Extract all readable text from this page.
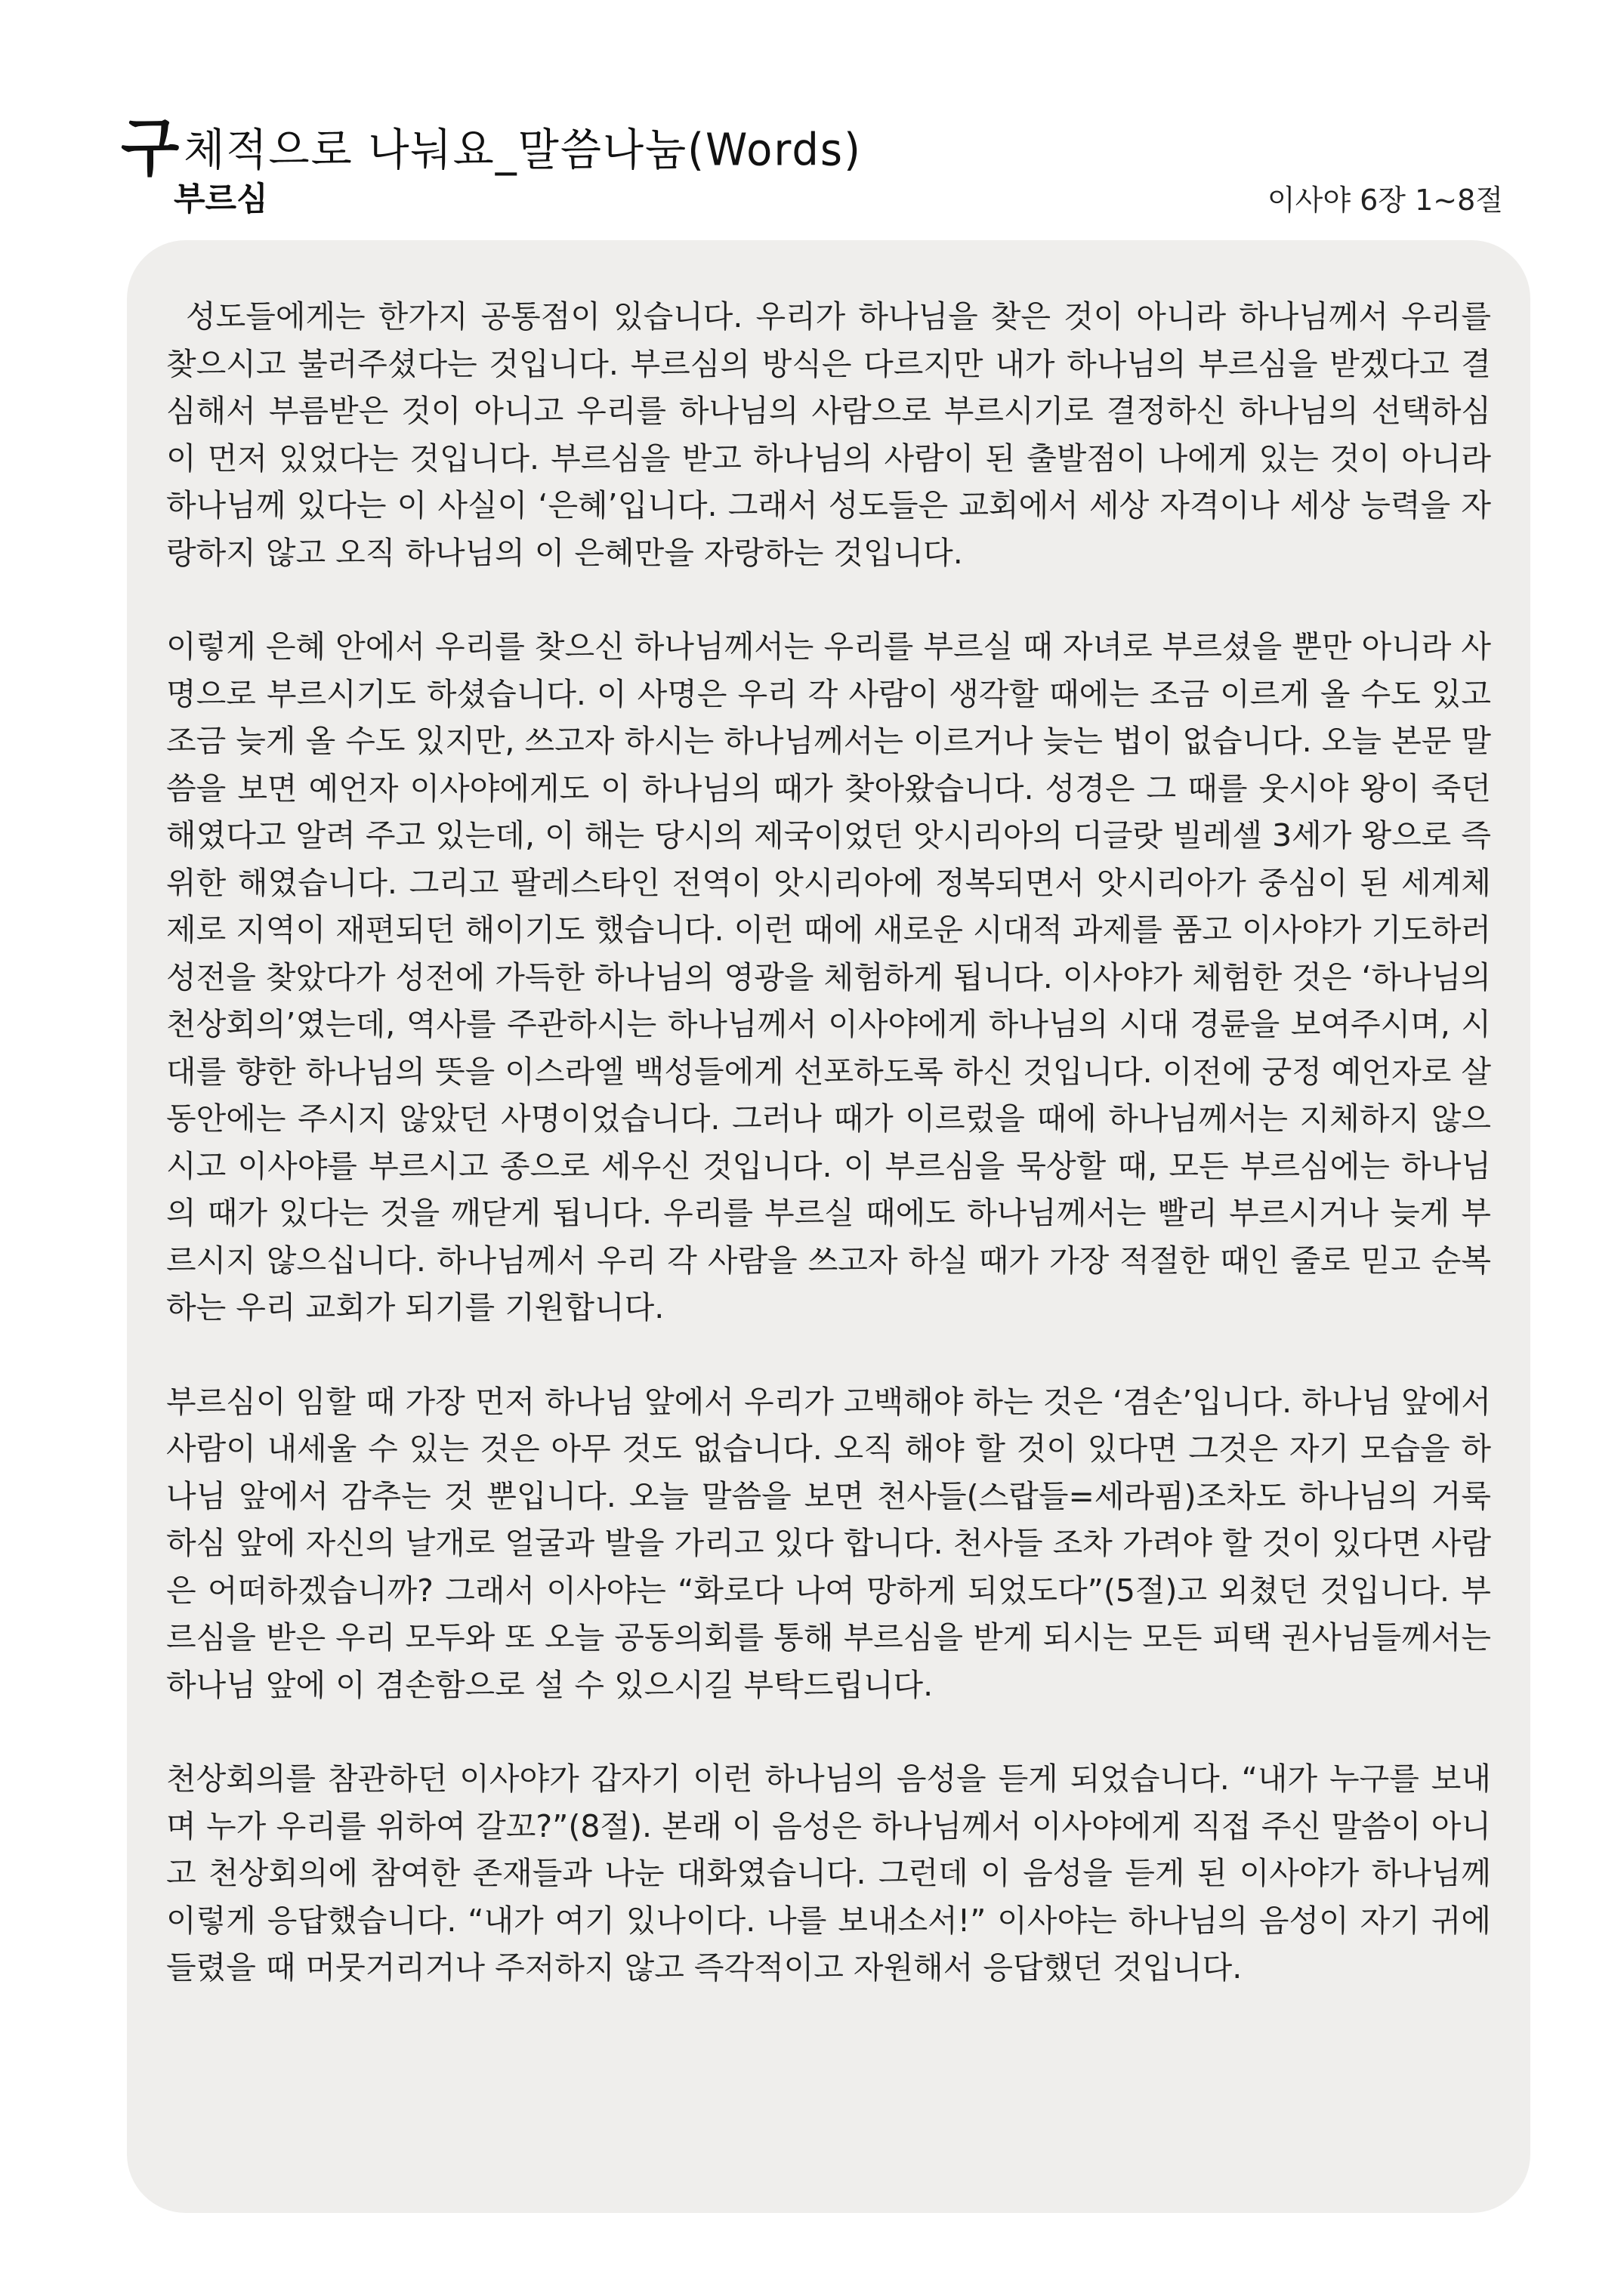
구체적으로 나눠요_말씀나눔(Words)
부르심	이사야 6장 1~8절

성도들에게는 한가지 공통점이 있습니다. 우리가 하나님을 찾은 것이 아니라 하나님께서 우리를 찾으시고 불러주셨다는 것입니다. 부르심의 방식은 다르지만 내가 하나님의 부르심을 받겠다고 결심해서 부름받은 것이 아니고 우리를 하나님의 사람으로 부르시기로 결정하신 하나님의 선택하심이 먼저 있었다는 것입니다. 부르심을 받고 하나님의 사람이 된 출발점이 나에게 있는 것이 아니라 하나님께 있다는 이 사실이 ‘은혜’입니다. 그래서 성도들은 교회에서 세상 자격이나 세상 능력을 자랑하지 않고 오직 하나님의 이 은혜만을 자랑하는 것입니다.

이렇게 은혜 안에서 우리를 찾으신 하나님께서는 우리를 부르실 때 자녀로 부르셨을 뿐만 아니라 사명으로 부르시기도 하셨습니다. 이 사명은 우리 각 사람이 생각할 때에는 조금 이르게 올 수도 있고 조금 늦게 올 수도 있지만, 쓰고자 하시는 하나님께서는 이르거나 늦는 법이 없습니다. 오늘 본문 말씀을 보면 예언자 이사야에게도 이 하나님의 때가 찾아왔습니다. 성경은 그 때를 웃시야 왕이 죽던 해였다고 알려 주고 있는데, 이 해는 당시의 제국이었던 앗시리아의 디글랏 빌레셀 3세가 왕으로 즉위한 해였습니다. 그리고 팔레스타인 전역이 앗시리아에 정복되면서 앗시리아가 중심이 된 세계체제로 지역이 재편되던 해이기도 했습니다. 이런 때에 새로운 시대적 과제를 품고 이사야가 기도하러 성전을 찾았다가 성전에 가득한 하나님의 영광을 체험하게 됩니다. 이사야가 체험한 것은 ‘하나님의 천상회의’였는데, 역사를 주관하시는 하나님께서 이사야에게 하나님의 시대 경륜을 보여주시며, 시대를 향한 하나님의 뜻을 이스라엘 백성들에게 선포하도록 하신 것입니다. 이전에 궁정 예언자로 살 동안에는 주시지 않았던 사명이었습니다. 그러나 때가 이르렀을 때에 하나님께서는 지체하지 않으시고 이사야를 부르시고 종으로 세우신 것입니다. 이 부르심을 묵상할 때, 모든 부르심에는 하나님의 때가 있다는 것을 깨닫게 됩니다. 우리를 부르실 때에도 하나님께서는 빨리 부르시거나 늦게 부르시지 않으십니다. 하나님께서 우리 각 사람을 쓰고자 하실 때가 가장 적절한 때인 줄로 믿고 순복하는 우리 교회가 되기를 기원합니다.

부르심이 임할 때 가장 먼저 하나님 앞에서 우리가 고백해야 하는 것은 ‘겸손’입니다. 하나님 앞에서 사람이 내세울 수 있는 것은 아무 것도 없습니다. 오직 해야 할 것이 있다면 그것은 자기 모습을 하나님 앞에서 감추는 것 뿐입니다. 오늘 말씀을 보면 천사들(스랍들=세라핌)조차도 하나님의 거룩하심 앞에 자신의 날개로 얼굴과 발을 가리고 있다 합니다. 천사들 조차 가려야 할 것이 있다면 사람은 어떠하겠습니까? 그래서 이사야는 “화로다 나여 망하게 되었도다”(5절)고 외쳤던 것입니다. 부르심을 받은 우리 모두와 또 오늘 공동의회를 통해 부르심을 받게 되시는 모든 피택 권사님들께서는 하나님 앞에 이 겸손함으로 설 수 있으시길 부탁드립니다.

천상회의를 참관하던 이사야가 갑자기 이런 하나님의 음성을 듣게 되었습니다. “내가 누구를 보내며 누가 우리를 위하여 갈꼬?”(8절). 본래 이 음성은 하나님께서 이사야에게 직접 주신 말씀이 아니고 천상회의에 참여한 존재들과 나눈 대화였습니다. 그런데 이 음성을 듣게 된 이사야가 하나님께 이렇게 응답했습니다. “내가 여기 있나이다. 나를 보내소서!” 이사야는 하나님의 음성이 자기 귀에 들렸을 때 머뭇거리거나 주저하지 않고 즉각적이고 자원해서 응답했던 것입니다.
